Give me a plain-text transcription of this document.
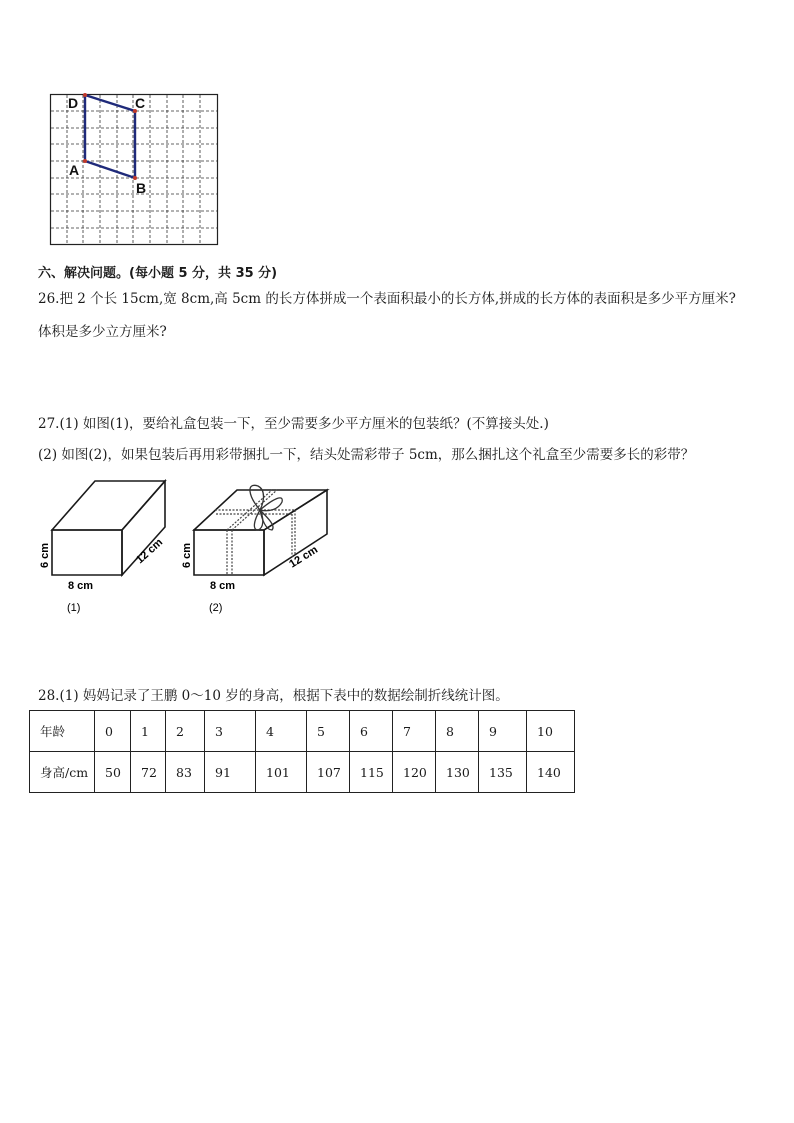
D	C
A
B
六、解决问题。(每小题 5 分，共 35 分)
26.把 2 个长 15cm,宽 8cm,高 5cm 的长方体拼成一个表面积最小的长方体,拼成的长方体的表面积是多少平方厘米?
体积是多少立方厘米?
27.(1) 如图(1)，要给礼盒包装一下，至少需要多少平方厘米的包装纸？(不算接头处.)
(2) 如图(2)，如果包装后再用彩带捆扎一下，结头处需彩带子 5cm，那么捆扎这个礼盒至少需要多长的彩带？
6 cm
8 cm
12 cm
(1)
6 cm
8 cm
12 cm
(2)
28.(1) 妈妈记录了王鹏 0～10 岁的身高，根据下表中的数据绘制折线统计图。
年龄	0	1	2	3	4	5	6	7	8	9	10
身高/cm	50	72	83	91	101	107	115	120	130	135	140
